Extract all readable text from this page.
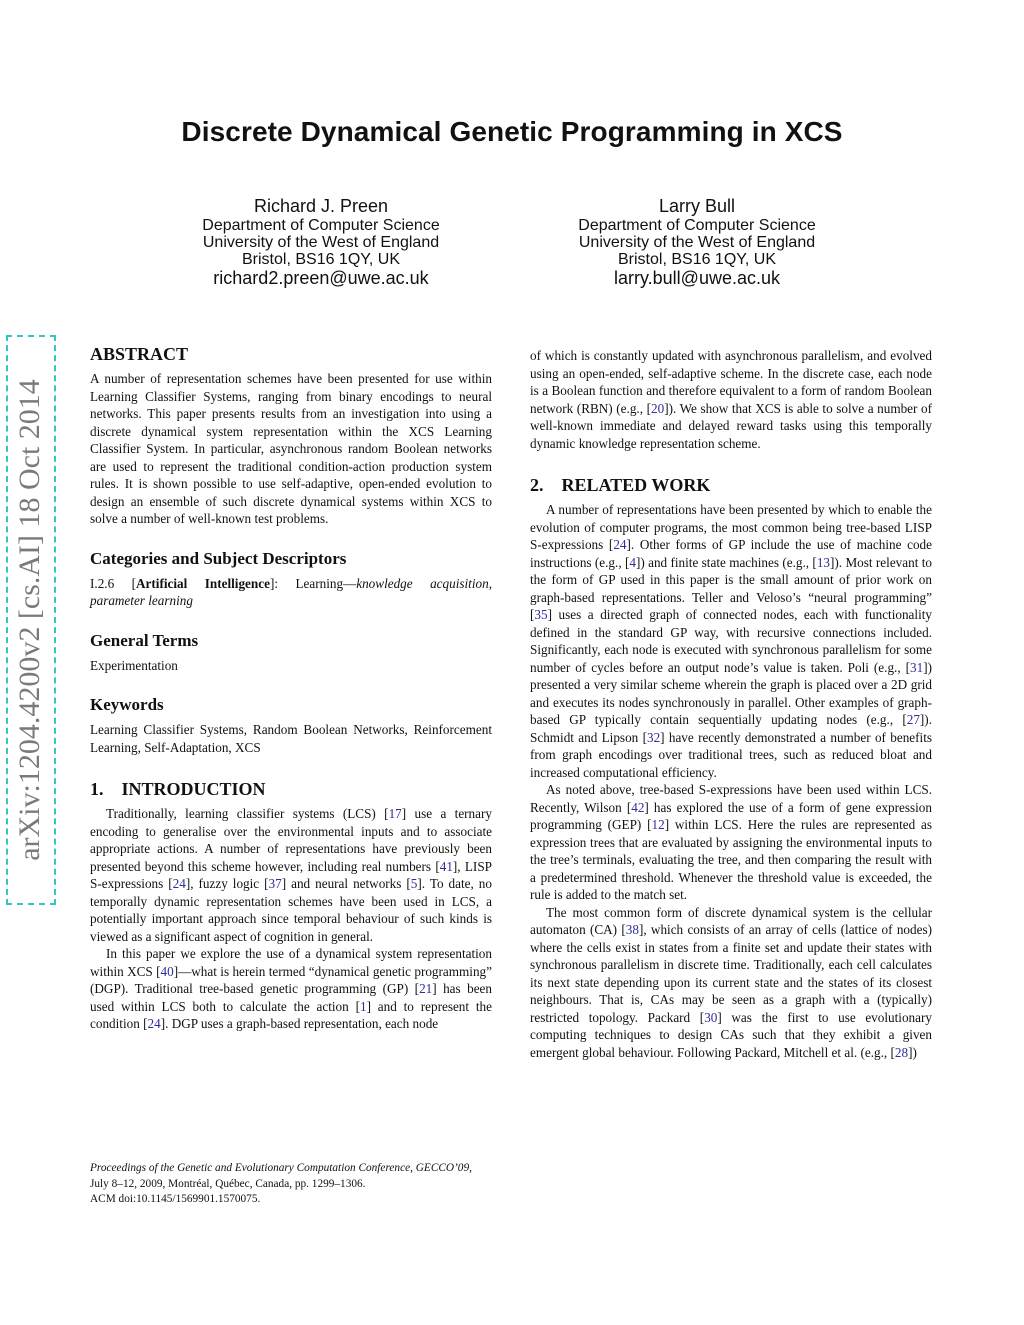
Discrete Dynamical Genetic Programming in XCS
Richard J. Preen
Department of Computer Science
University of the West of England
Bristol, BS16 1QY, UK
richard2.preen@uwe.ac.uk
Larry Bull
Department of Computer Science
University of the West of England
Bristol, BS16 1QY, UK
larry.bull@uwe.ac.uk
arXiv:1204.4200v2 [cs.AI] 18 Oct 2014
ABSTRACT

A number of representation schemes have been presented for use within Learning Classifier Systems, ranging from binary encodings to neural networks. This paper presents results from an investigation into using a discrete dynamical system representation within the XCS Learning Classifier System. In particular, asynchronous random Boolean networks are used to represent the traditional condition-action production system rules. It is shown possible to use self-adaptive, open-ended evolution to design an ensemble of such discrete dynamical systems within XCS to solve a number of well-known test problems.

Categories and Subject Descriptors

I.2.6 [Artificial Intelligence]: Learning—knowledge acquisition, parameter learning

General Terms

Experimentation

Keywords

Learning Classifier Systems, Random Boolean Networks, Reinforcement Learning, Self-Adaptation, XCS

1. INTRODUCTION

Traditionally, learning classifier systems (LCS) [17] use a ternary encoding to generalise over the environmental inputs and to associate appropriate actions. A number of representations have previously been presented beyond this scheme however, including real numbers [41], LISP S-expressions [24], fuzzy logic [37] and neural networks [5]. To date, no temporally dynamic representation schemes have been used in LCS, a potentially important approach since temporal behaviour of such kinds is viewed as a significant aspect of cognition in general.

In this paper we explore the use of a dynamical system representation within XCS [40]—what is herein termed “dynamical genetic programming” (DGP). Traditional tree-based genetic programming (GP) [21] has been used within LCS both to calculate the action [1] and to represent the condition [24]. DGP uses a graph-based representation, each node

Proceedings of the Genetic and Evolutionary Computation Conference, GECCO’09, July 8–12, 2009, Montréal, Québec, Canada, pp. 1299–1306.
ACM doi:10.1145/1569901.1570075.

of which is constantly updated with asynchronous parallelism, and evolved using an open-ended, self-adaptive scheme. In the discrete case, each node is a Boolean function and therefore equivalent to a form of random Boolean network (RBN) (e.g., [20]). We show that XCS is able to solve a number of well-known immediate and delayed reward tasks using this temporally dynamic knowledge representation scheme.

2. RELATED WORK

A number of representations have been presented by which to enable the evolution of computer programs, the most common being tree-based LISP S-expressions [24]. Other forms of GP include the use of machine code instructions (e.g., [4]) and finite state machines (e.g., [13]). Most relevant to the form of GP used in this paper is the small amount of prior work on graph-based representations. Teller and Veloso’s “neural programming” [35] uses a directed graph of connected nodes, each with functionality defined in the standard GP way, with recursive connections included. Significantly, each node is executed with synchronous parallelism for some number of cycles before an output node’s value is taken. Poli (e.g., [31]) presented a very similar scheme wherein the graph is placed over a 2D grid and executes its nodes synchronously in parallel. Other examples of graph-based GP typically contain sequentially updating nodes (e.g., [27]). Schmidt and Lipson [32] have recently demonstrated a number of benefits from graph encodings over traditional trees, such as reduced bloat and increased computational efficiency.

As noted above, tree-based S-expressions have been used within LCS. Recently, Wilson [42] has explored the use of a form of gene expression programming (GEP) [12] within LCS. Here the rules are represented as expression trees that are evaluated by assigning the environmental inputs to the tree’s terminals, evaluating the tree, and then comparing the result with a predetermined threshold. Whenever the threshold value is exceeded, the rule is added to the match set.

The most common form of discrete dynamical system is the cellular automaton (CA) [38], which consists of an array of cells (lattice of nodes) where the cells exist in states from a finite set and update their states with synchronous parallelism in discrete time. Traditionally, each cell calculates its next state depending upon its current state and the states of its closest neighbours. That is, CAs may be seen as a graph with a (typically) restricted topology. Packard [30] was the first to use evolutionary computing techniques to design CAs such that they exhibit a given emergent global behaviour. Following Packard, Mitchell et al. (e.g., [28])
